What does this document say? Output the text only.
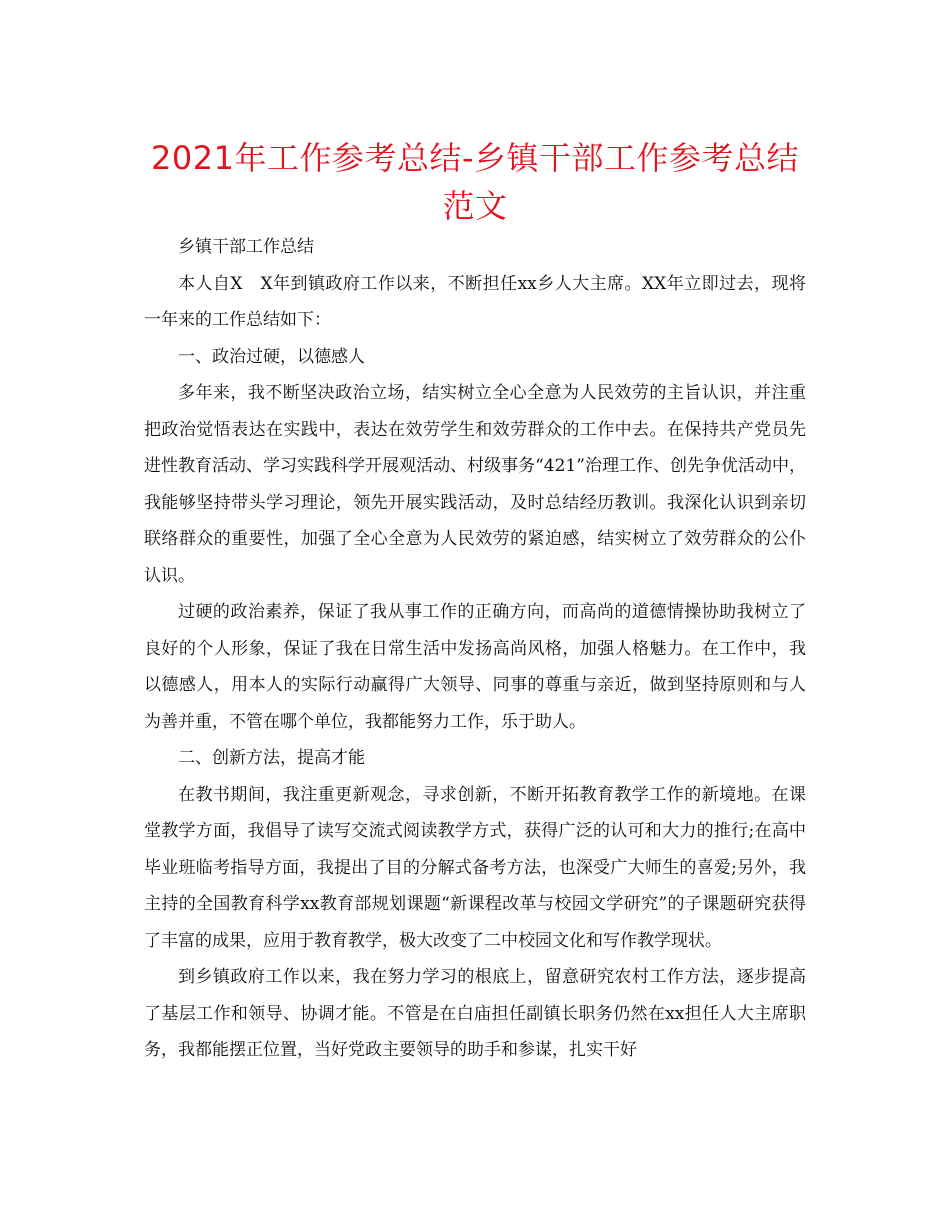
2021年工作参考总结-乡镇干部工作参考总结范文

乡镇干部工作总结

本人自X　X年到镇政府工作以来，不断担任xx乡人大主席。XX年立即过去，现将一年来的工作总结如下：

一、政治过硬，以德感人

多年来，我不断坚决政治立场，结实树立全心全意为人民效劳的主旨认识，并注重把政治觉悟表达在实践中，表达在效劳学生和效劳群众的工作中去。在保持共产党员先进性教育活动、学习实践科学开展观活动、村级事务“421”治理工作、创先争优活动中，我能够坚持带头学习理论，领先开展实践活动，及时总结经历教训。我深化认识到亲切联络群众的重要性，加强了全心全意为人民效劳的紧迫感，结实树立了效劳群众的公仆认识。

过硬的政治素养，保证了我从事工作的正确方向，而高尚的道德情操协助我树立了良好的个人形象，保证了我在日常生活中发扬高尚风格，加强人格魅力。在工作中，我以德感人，用本人的实际行动赢得广大领导、同事的尊重与亲近，做到坚持原则和与人为善并重，不管在哪个单位，我都能努力工作，乐于助人。

二、创新方法，提高才能

在教书期间，我注重更新观念，寻求创新，不断开拓教育教学工作的新境地。在课堂教学方面，我倡导了读写交流式阅读教学方式，获得广泛的认可和大力的推行;在高中毕业班临考指导方面，我提出了目的分解式备考方法，也深受广大师生的喜爱;另外，我主持的全国教育科学xx教育部规划课题“新课程改革与校园文学研究”的子课题研究获得了丰富的成果，应用于教育教学，极大改变了二中校园文化和写作教学现状。

到乡镇政府工作以来，我在努力学习的根底上，留意研究农村工作方法，逐步提高了基层工作和领导、协调才能。不管是在白庙担任副镇长职务仍然在xx担任人大主席职务，我都能摆正位置，当好党政主要领导的助手和参谋，扎实干好
